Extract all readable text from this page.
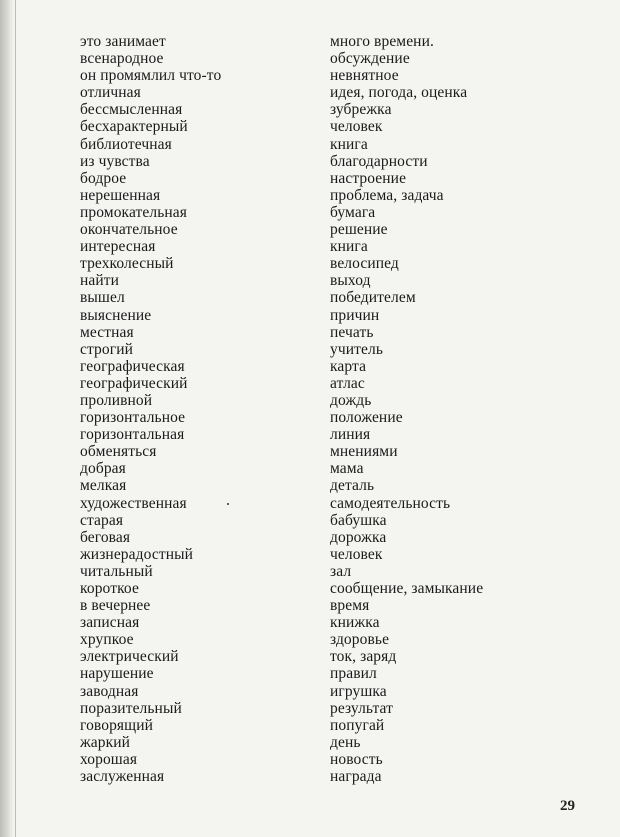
это занимает
всенародное
он промямлил что-то
отличная
бессмысленная
бесхарактерный
библиотечная
из чувства
бодрое
нерешенная
промокательная
окончательное
интересная
трехколесный
найти
вышел
выяснение
местная
строгий
географическая
географический
проливной
горизонтальное
горизонтальная
обменяться
добрая
мелкая
художественная
старая
беговая
жизнерадостный
читальный
короткое
в вечернее
записная
хрупкое
электрический
нарушение
заводная
поразительный
говорящий
жаркий
хорошая
заслуженная
много времени.
обсуждение
невнятное
идея, погода, оценка
зубрежка
человек
книга
благодарности
настроение
проблема, задача
бумага
решение
книга
велосипед
выход
победителем
причин
печать
учитель
карта
атлас
дождь
положение
линия
мнениями
мама
деталь
самодеятельность
бабушка
дорожка
человек
зал
сообщение, замыкание
время
книжка
здоровье
ток, заряд
правил
игрушка
результат
попугай
день
новость
награда
29
